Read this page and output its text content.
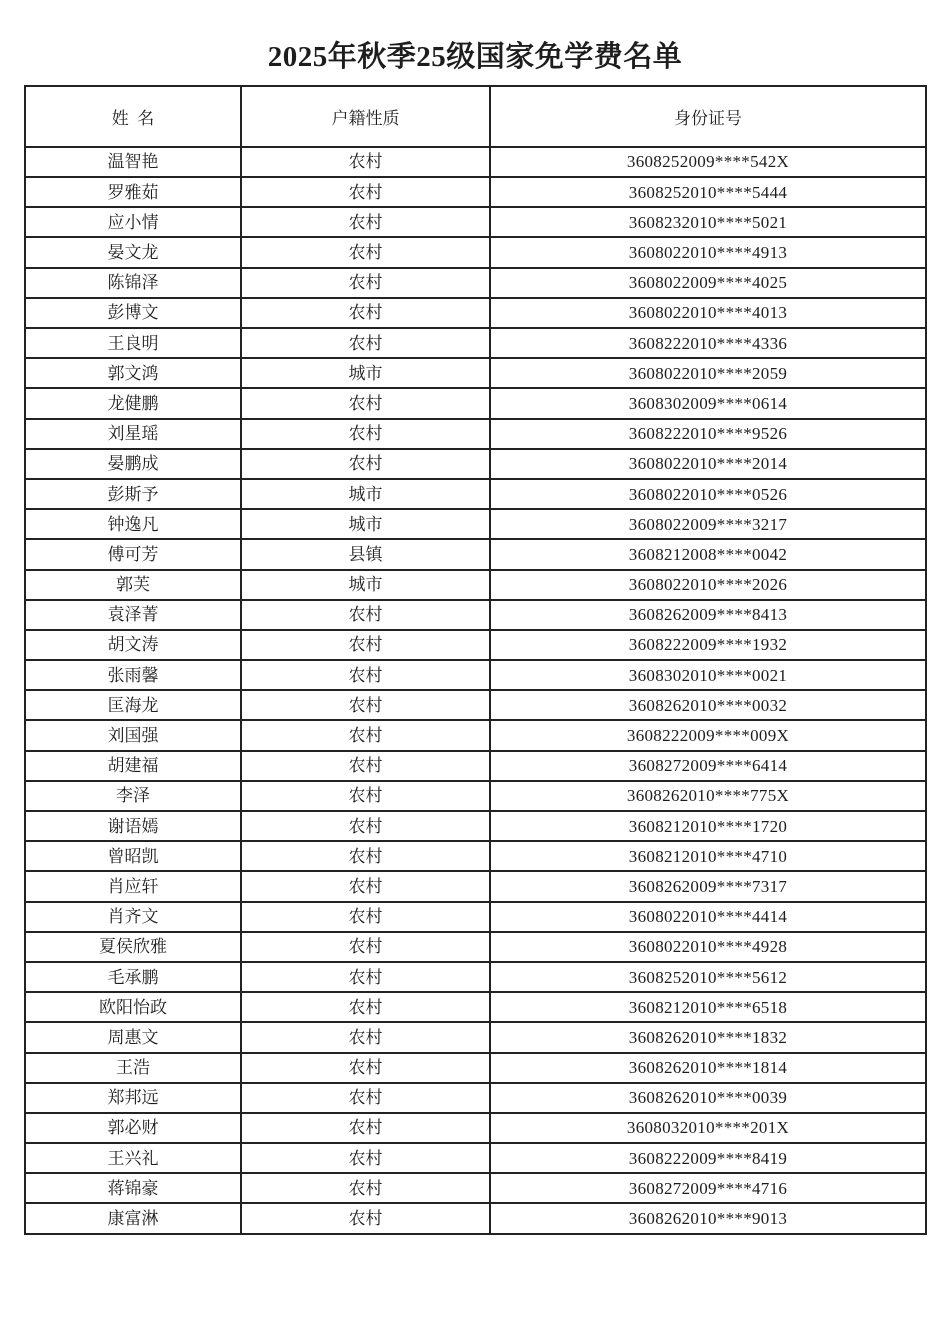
2025年秋季25级国家免学费名单
姓  名	户籍性质	身份证号
温智艳	农村	3608252009****542X
罗雅茹	农村	3608252010****5444
应小情	农村	3608232010****5021
晏文龙	农村	3608022010****4913
陈锦泽	农村	3608022009****4025
彭博文	农村	3608022010****4013
王良明	农村	3608222010****4336
郭文鸿	城市	3608022010****2059
龙健鹏	农村	3608302009****0614
刘星瑶	农村	3608222010****9526
晏鹏成	农村	3608022010****2014
彭斯予	城市	3608022010****0526
钟逸凡	城市	3608022009****3217
傅可芳	县镇	3608212008****0042
郭芙	城市	3608022010****2026
袁泽菁	农村	3608262009****8413
胡文涛	农村	3608222009****1932
张雨馨	农村	3608302010****0021
匡海龙	农村	3608262010****0032
刘国强	农村	3608222009****009X
胡建福	农村	3608272009****6414
李泽	农村	3608262010****775X
谢语嫣	农村	3608212010****1720
曾昭凯	农村	3608212010****4710
肖应轩	农村	3608262009****7317
肖齐文	农村	3608022010****4414
夏侯欣雅	农村	3608022010****4928
毛承鹏	农村	3608252010****5612
欧阳怡政	农村	3608212010****6518
周惠文	农村	3608262010****1832
王浩	农村	3608262010****1814
郑邦远	农村	3608262010****0039
郭必财	农村	3608032010****201X
王兴礼	农村	3608222009****8419
蒋锦豪	农村	3608272009****4716
康富淋	农村	3608262010****9013
